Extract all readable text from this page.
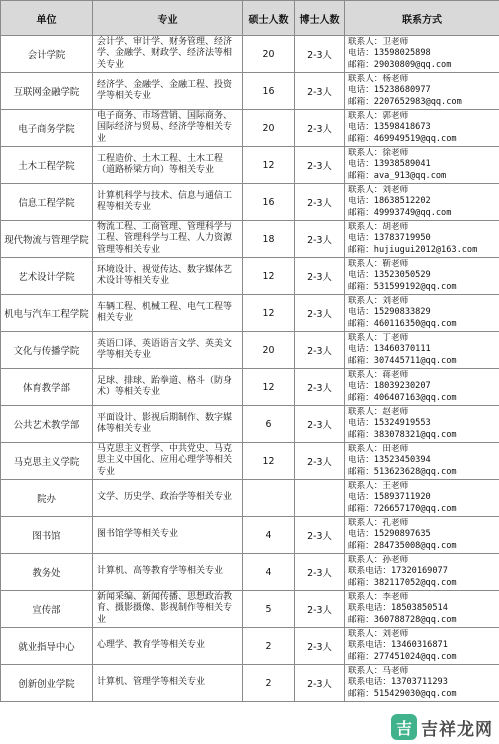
单位	专业	硕士人数	博士人数	联系方式
会计学院	会计学、审计学、财务管理、经济学、金融学、财政学、经济法等相关专业	20	2-3人	联系人：卫老师
电话：13598025898
邮箱：29030809@qq.com

互联网金融学院	经济学、金融学、金融工程、投资学等相关专业	16	2-3人	联系人：杨老师
电话：15238680977
邮箱：2207652983@qq.com

电子商务学院	电子商务、市场营销、国际商务、国际经济与贸易、经济学等相关专业	20	2-3人	联系人：郭老师
电话：13598418673
邮箱：469949519@qq.com

土木工程学院	工程造价、土木工程、土木工程（道路桥梁方向）等相关专业	12	2-3人	联系人：徐老师
电话：13938589041
邮箱：ava_913@qq.com

信息工程学院	计算机科学与技术、信息与通信工程等相关专业	16	2-3人	联系人：刘老师
电话：18638512202
邮箱：49993749@qq.com

现代物流与管理学院	物流工程、工商管理、管理科学与工程、管理科学与工程、人力资源管理等相关专业	18	2-3人	联系人：胡老师
电话：13783719950
邮箱：hujiugui2012@163.com

艺术设计学院	环境设计、视觉传达、数字媒体艺术设计等相关专业	12	2-3人	联系人：靳老师
电话：13523050529
邮箱：531599192@qq.com

机电与汽车工程学院	车辆工程、机械工程、电气工程等相关专业	12	2-3人	联系人：刘老师
电话：15290833829
邮箱：460116350@qq.com

文化与传播学院	英语口译、英语语言文学、英美文学等相关专业	20	2-3人	联系人：丁老师
电话：13460370111
邮箱：307445711@qq.com

体育教学部	足球、排球、跆拳道、格斗（防身术）等相关专业	12	2-3人	联系人：蒋老师
电话：18039230207
邮箱：406407163@qq.com

公共艺术教学部	平面设计、影视后期制作、数字媒体等相关专业	6	2-3人	联系人：赵老师
电话：15324919553
邮箱：383078321@qq.com

马克思主义学院	马克思主义哲学、中共党史、马克思主义中国化、应用心理学等相关专业	12	2-3人	联系人：田老师
电话：13523450394
邮箱：513623628@qq.com

院办	文学、历史学、政治学等相关专业			联系人：王老师
电话：15893711920
邮箱：726657170@qq.com

图书馆	图书馆学等相关专业	4	2-3人	联系人：孔老师
电话：15290897635
邮箱：284735008@qq.com

教务处	计算机、高等教育学等相关专业	4	2-3人	联系人：孙老师
联系电话：17320169077
邮箱：382117052@qq.com

宣传部	新闻采编、新闻传播、思想政治教育、摄影摄像、影视制作等相关专业	5	2-3人	联系人：李老师
联系电话：18503850514
邮箱：360788728@qq.com

就业指导中心	心理学、教育学等相关专业	2	2-3人	联系人：刘老师
联系电话：13460316871
邮箱：277451024@qq.com

创新创业学院	计算机、管理学等相关专业	2	2-3人	联系人：马老师
联系电话：13703711293
邮箱：515429030@qq.com
吉 吉祥龙网
